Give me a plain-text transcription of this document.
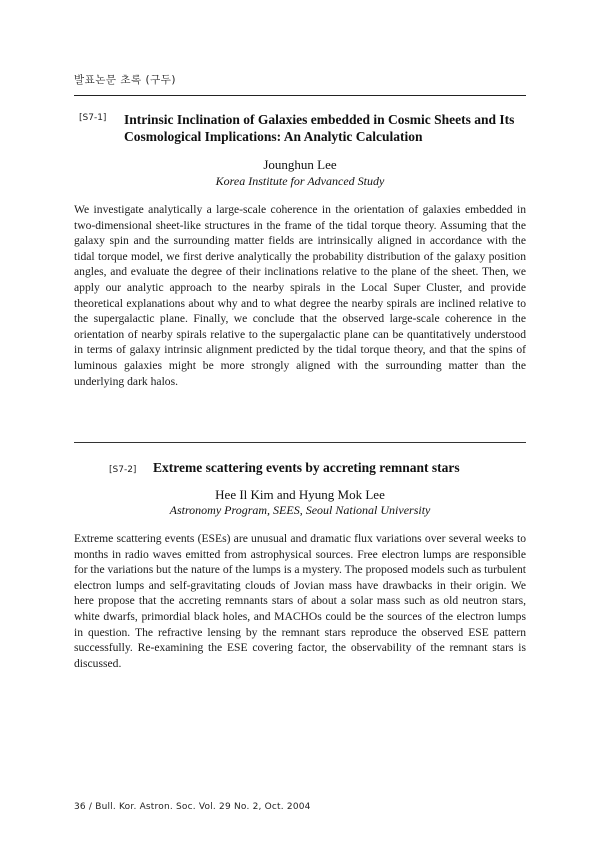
발표논문 초록 (구두)
[S7-1] Intrinsic Inclination of Galaxies embedded in Cosmic Sheets and Its Cosmological Implications: An Analytic Calculation
Jounghun Lee
Korea Institute for Advanced Study
We investigate analytically a large-scale coherence in the orientation of galaxies embedded in two-dimensional sheet-like structures in the frame of the tidal torque theory. Assuming that the galaxy spin and the surrounding matter fields are intrinsically aligned in accordance with the tidal torque model, we first derive analytically the probability distribution of the galaxy position angles, and evaluate the degree of their inclinations relative to the plane of the sheet. Then, we apply our analytic approach to the nearby spirals in the Local Super Cluster, and provide theoretical explanations about why and to what degree the nearby spirals are inclined relative to the supergalactic plane. Finally, we conclude that the observed large-scale coherence in the orientation of nearby spirals relative to the supergalactic plane can be quantitatively understood in terms of galaxy intrinsic alignment predicted by the tidal torque theory, and that the spins of luminous galaxies might be more strongly aligned with the surrounding matter than the underlying dark halos.
[S7-2] Extreme scattering events by accreting remnant stars
Hee Il Kim and Hyung Mok Lee
Astronomy Program, SEES, Seoul National University
Extreme scattering events (ESEs) are unusual and dramatic flux variations over several weeks to months in radio waves emitted from astrophysical sources. Free electron lumps are responsible for the variations but the nature of the lumps is a mystery. The proposed models such as turbulent electron lumps and self-gravitating clouds of Jovian mass have drawbacks in their origin. We here propose that the accreting remnants stars of about a solar mass such as old neutron stars, white dwarfs, primordial black holes, and MACHOs could be the sources of the electron lumps in question. The refractive lensing by the remnant stars reproduce the observed ESE pattern successfully. Re-examining the ESE covering factor, the observability of the remnant stars is discussed.
36 / Bull. Kor. Astron. Soc. Vol. 29 No. 2, Oct. 2004
